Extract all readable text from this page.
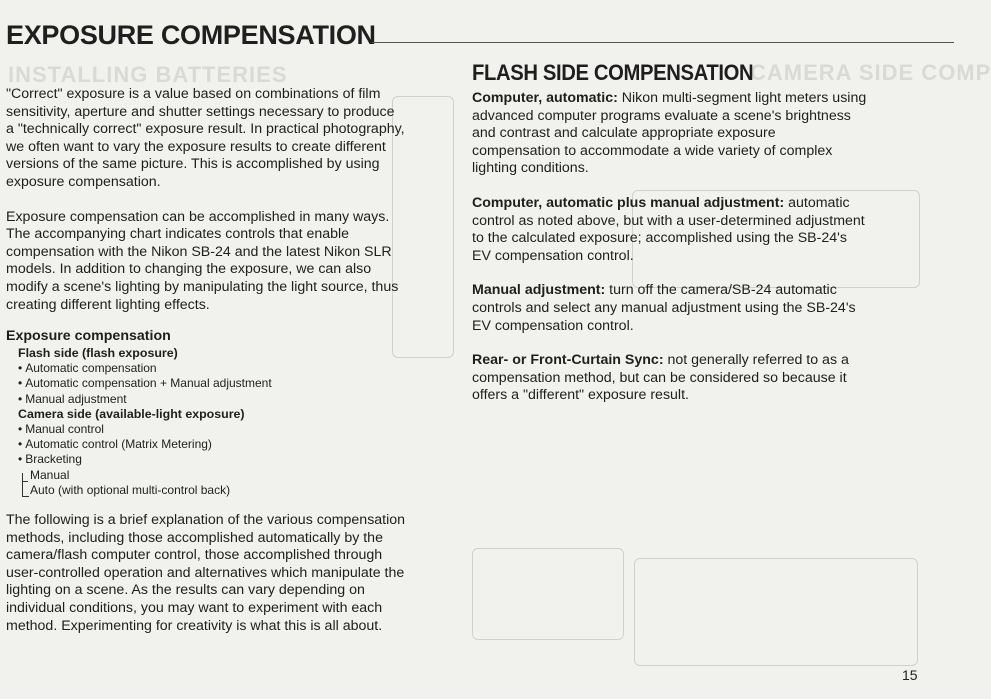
INSTALLING BATTERIES	CAMERA SIDE COMP
EXPOSURE COMPENSATION

"Correct" exposure is a value based on combinations of film sensitivity, aperture and shutter settings necessary to produce a "technically correct" exposure result. In practical photography, we often want to vary the exposure results to create different versions of the same picture. This is accomplished by using exposure compensation.

Exposure compensation can be accomplished in many ways. The accompanying chart indicates controls that enable compensation with the Nikon SB-24 and the latest Nikon SLR models. In addition to changing the exposure, we can also modify a scene's lighting by manipulating the light source, thus creating different lighting effects.

Exposure compensation
Flash side (flash exposure)
• Automatic compensation
• Automatic compensation + Manual adjustment
• Manual adjustment
Camera side (available-light exposure)
• Manual control
• Automatic control (Matrix Metering)
• Bracketing
Manual
Auto (with optional multi-control back)

The following is a brief explanation of the various compensation methods, including those accomplished automatically by the camera/flash computer control, those accomplished through user-controlled operation and alternatives which manipulate the lighting on a scene. As the results can vary depending on individual conditions, you may want to experiment with each method. Experimenting for creativity is what this is all about.

FLASH SIDE COMPENSATION

Computer, automatic: Nikon multi-segment light meters using advanced computer programs evaluate a scene's brightness and contrast and calculate appropriate exposure compensation to accommodate a wide variety of complex lighting conditions.

Computer, automatic plus manual adjustment: automatic control as noted above, but with a user-determined adjustment to the calculated exposure; accomplished using the SB-24's EV compensation control.

Manual adjustment: turn off the camera/SB-24 automatic controls and select any manual adjustment using the SB-24's EV compensation control.

Rear- or Front-Curtain Sync: not generally referred to as a compensation method, but can be considered so because it offers a "different" exposure result.

15
